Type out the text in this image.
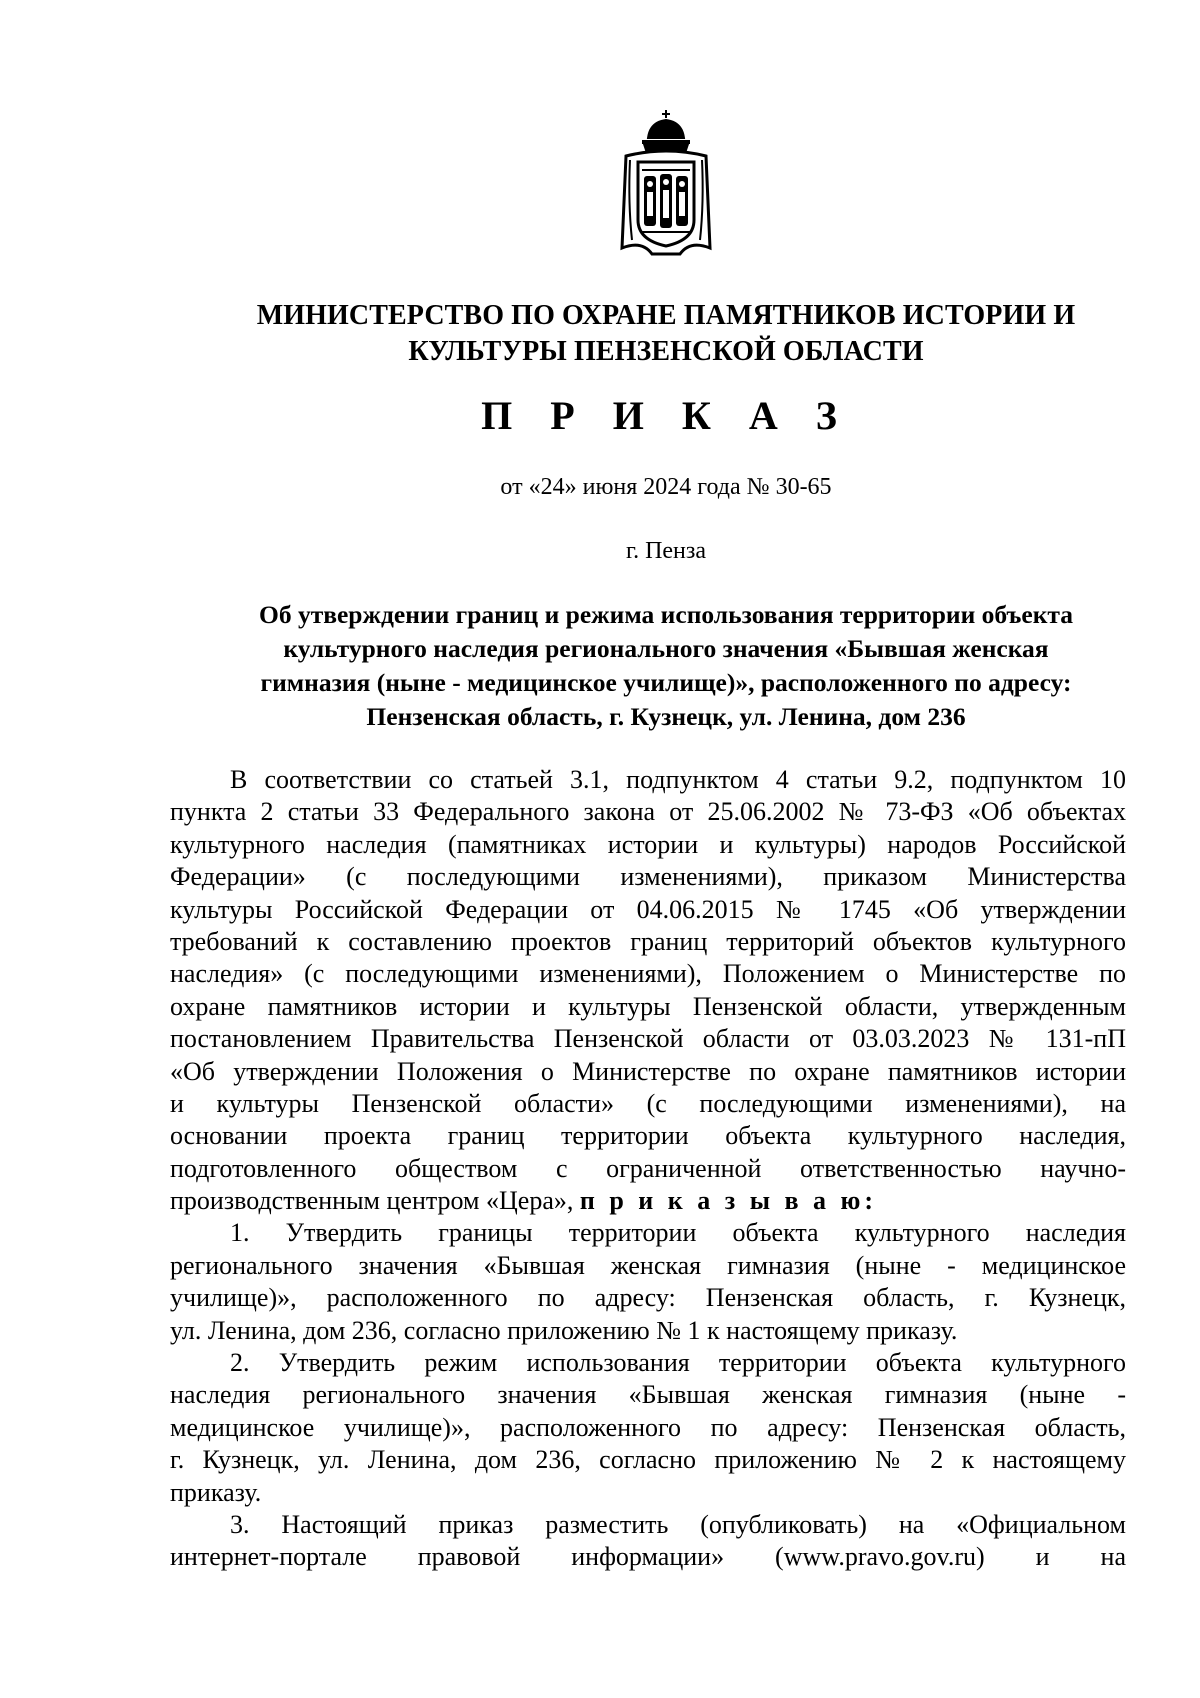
МИНИСТЕРСТВО ПО ОХРАНЕ ПАМЯТНИКОВ ИСТОРИИ И
КУЛЬТУРЫ ПЕНЗЕНСКОЙ ОБЛАСТИ
П Р И К А З
от «24» июня 2024 года № 30-65
г. Пенза
Об утверждении границ и режима использования территории объекта
культурного наследия регионального значения «Бывшая женская
гимназия (ныне - медицинское училище)», расположенного по адресу:
Пензенская область, г. Кузнецк, ул. Ленина, дом 236
В соответствии со статьей 3.1, подпунктом 4 статьи 9.2, подпунктом 10
пункта 2 статьи 33 Федерального закона от 25.06.2002 № 73-ФЗ «Об объектах
культурного наследия (памятниках истории и культуры) народов Российской
Федерации» (с последующими изменениями), приказом Министерства
культуры Российской Федерации от 04.06.2015 № 1745 «Об утверждении
требований к составлению проектов границ территорий объектов культурного
наследия» (с последующими изменениями), Положением о Министерстве по
охране памятников истории и культуры Пензенской области, утвержденным
постановлением Правительства Пензенской области от 03.03.2023 № 131-пП
«Об утверждении Положения о Министерстве по охране памятников истории
и культуры Пензенской области» (с последующими изменениями), на
основании проекта границ территории объекта культурного наследия,
подготовленного обществом с ограниченной ответственностью научно-
производственным центром «Цера», п р и к а з ы в а ю:
1. Утвердить границы территории объекта культурного наследия
регионального значения «Бывшая женская гимназия (ныне - медицинское
училище)», расположенного по адресу: Пензенская область, г. Кузнецк,
ул. Ленина, дом 236, согласно приложению № 1 к настоящему приказу.
2. Утвердить режим использования территории объекта культурного
наследия регионального значения «Бывшая женская гимназия (ныне -
медицинское училище)», расположенного по адресу: Пензенская область,
г. Кузнецк, ул. Ленина, дом 236, согласно приложению № 2 к настоящему
приказу.
3. Настоящий приказ разместить (опубликовать) на «Официальном
интернет-портале правовой информации» (www.pravo.gov.ru) и на
